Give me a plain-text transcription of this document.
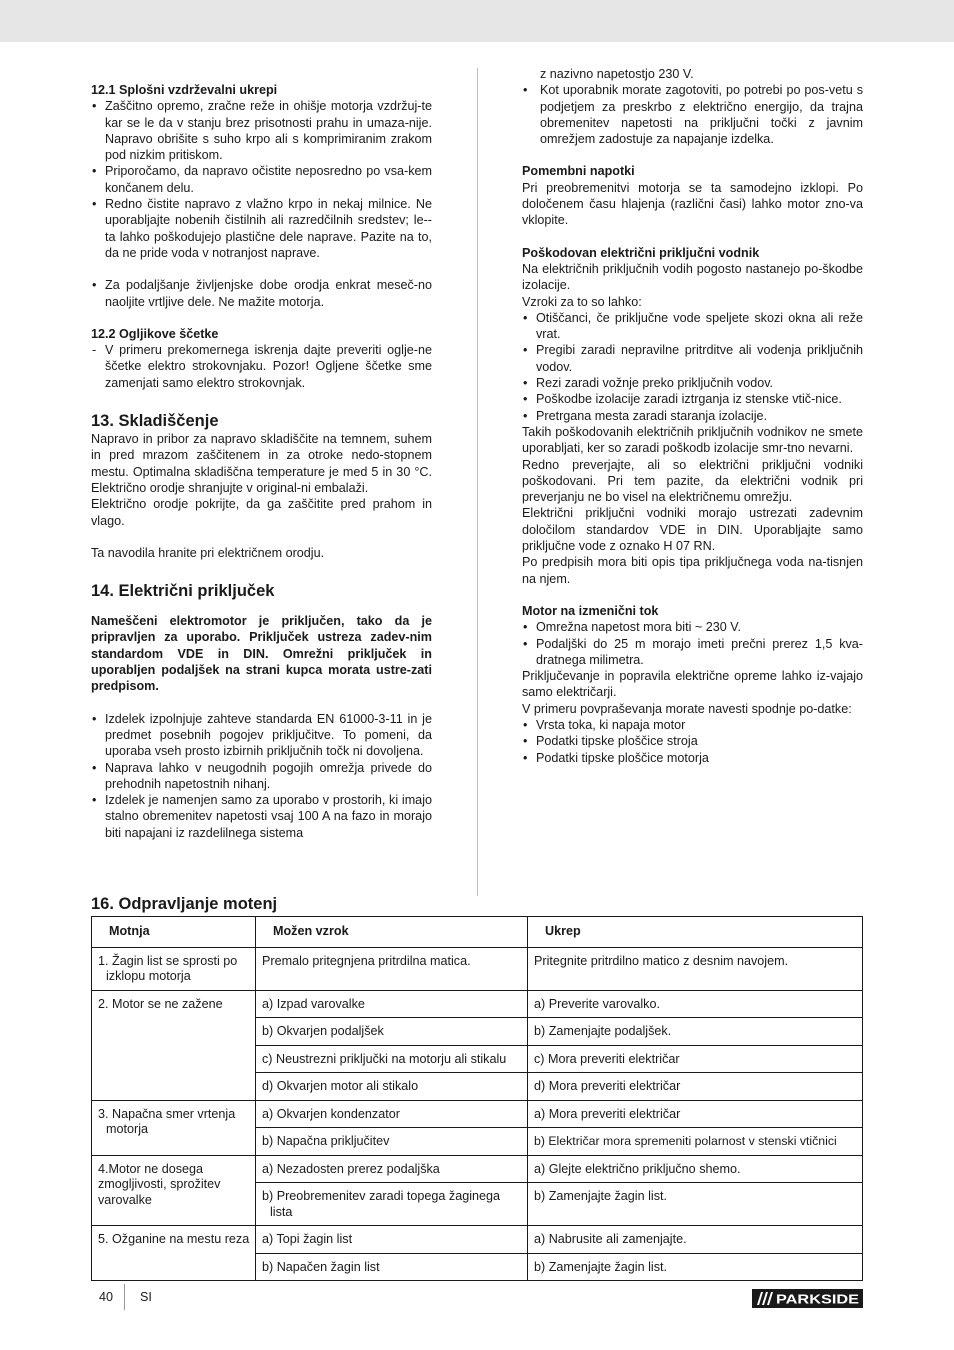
12.1 Splošni vzdrževalni ukrepi
• Zaščitno opremo, zračne reže in ohišje motorja vzdržuj-te kar se le da v stanju brez prisotnosti prahu in umaza-nije. Napravo obrišite s suho krpo ali s komprimiranim zrakom pod nizkim pritiskom.
• Priporočamo, da napravo očistite neposredno po vsa-kem končanem delu.
• Redno čistite napravo z vlažno krpo in nekaj milnice. Ne uporabljajte nobenih čistilnih ali razredčilnih sredstev; le--ta lahko poškodujejo plastične dele naprave. Pazite na to, da ne pride voda v notranjost naprave.
• Za podaljšanje življenjske dobe orodja enkrat meseč-no naoljite vrtljive dele. Ne mažite motorja.
12.2 Ogljikove ščetke
- V primeru prekomernega iskrenja dajte preveriti oglje-ne ščetke elektro strokovnjaku. Pozor! Ogljene ščetke sme zamenjati samo elektro strokovnjak.
13. Skladiščenje

Napravo in pribor za napravo skladiščite na temnem, suhem in pred mrazom zaščitenem in za otroke nedo-stopnem mestu. Optimalna skladiščna temperature je med 5 in 30 °C. Električno orodje shranjujte v original-ni embalaži.

Električno orodje pokrijte, da ga zaščitite pred prahom in vlago.

Ta navodila hranite pri električnem orodju.

14. Električni priključek

Nameščeni elektromotor je priključen, tako da je pripravljen za uporabo. Priključek ustreza zadev-nim standardom VDE in DIN. Omrežni priključek in uporabljen podaljšek na strani kupca morata ustre-zati predpisom.

• Izdelek izpolnjuje zahteve standarda EN 61000-3-11 in je predmet posebnih pogojev priključitve. To pomeni, da uporaba vseh prosto izbirnih priključnih točk ni dovoljena.
• Naprava lahko v neugodnih pogojih omrežja privede do prehodnih napetostnih nihanj.
• Izdelek je namenjen samo za uporabo v prostorih, ki imajo stalno obremenitev napetosti vsaj 100 A na fazo in morajo biti napajani iz razdelilnega sistema

z nazivno napetostjo 230 V.

• Kot uporabnik morate zagotoviti, po potrebi po pos-vetu s podjetjem za preskrbo z električno energijo, da trajna obremenitev napetosti na priključni točki z javnim omrežjem zadostuje za napajanje izdelka.
Pomembni napotki

Pri preobremenitvi motorja se ta samodejno izklopi. Po določenem času hlajenja (različni časi) lahko motor zno-va vklopite.

Poškodovan električni priključni vodnik

Na električnih priključnih vodih pogosto nastanejo po-škodbe izolacije.

Vzroki za to so lahko:

• Otiščanci, če priključne vode speljete skozi okna ali reže vrat.
• Pregibi zaradi nepravilne pritrditve ali vodenja priključnih vodov.
• Rezi zaradi vožnje preko priključnih vodov.
• Poškodbe izolacije zaradi iztrganja iz stenske vtič-nice.
• Pretrgana mesta zaradi staranja izolacije.

Takih poškodovanih električnih priključnih vodnikov ne smete uporabljati, ker so zaradi poškodb izolacije smr-tno nevarni.

Redno preverjajte, ali so električni priključni vodniki poškodovani. Pri tem pazite, da električni vodnik pri preverjanju ne bo visel na električnemu omrežju.

Električni priključni vodniki morajo ustrezati zadevnim določilom standardov VDE in DIN. Uporabljajte samo priključne vode z oznako H 07 RN.

Po predpisih mora biti opis tipa priključnega voda na-tisnjen na njem.

Motor na izmenični tok
• Omrežna napetost mora biti ~ 230 V.
• Podaljški do 25 m morajo imeti prečni prerez 1,5 kva-dratnega milimetra.

Priključevanje in popravila električne opreme lahko iz-vajajo samo električarji.

V primeru povpraševanja morate navesti spodnje po-datke:

• Vrsta toka, ki napaja motor
• Podatki tipske ploščice stroja
• Podatki tipske ploščice motorja
16. Odpravljanje motenj
Motnja	Možen vzrok	Ukrep
1. Žagin list se sprosti po izklopu motorja	Premalo pritegnjena pritrdilna matica.	Pritegnite pritrdilno matico z desnim navojem.
2. Motor se ne zažene	a) Izpad varovalke	a) Preverite varovalko.
	b) Okvarjen podaljšek	b) Zamenjajte podaljšek.
	c) Neustrezni priključki na motorju ali stikalu	c) Mora preveriti električar
	d) Okvarjen motor ali stikalo	d) Mora preveriti električar
3. Napačna smer vrtenja motorja	a) Okvarjen kondenzator	a) Mora preveriti električar
	b) Napačna priključitev	b) Električar mora spremeniti polarnost v stenski vtičnici
4.Motor ne dosega zmogljivosti, sprožitev varovalke	a) Nezadosten prerez podaljška	a) Glejte električno priključno shemo.
	b) Preobremenitev zaradi topega žaginega lista	b) Zamenjajte žagin list.
5. Ožganine na mestu reza	a) Topi žagin list	a) Nabrusite ali zamenjajte.
	b) Napačen žagin list	b) Zamenjajte žagin list.
40 SI	PARKSIDE
